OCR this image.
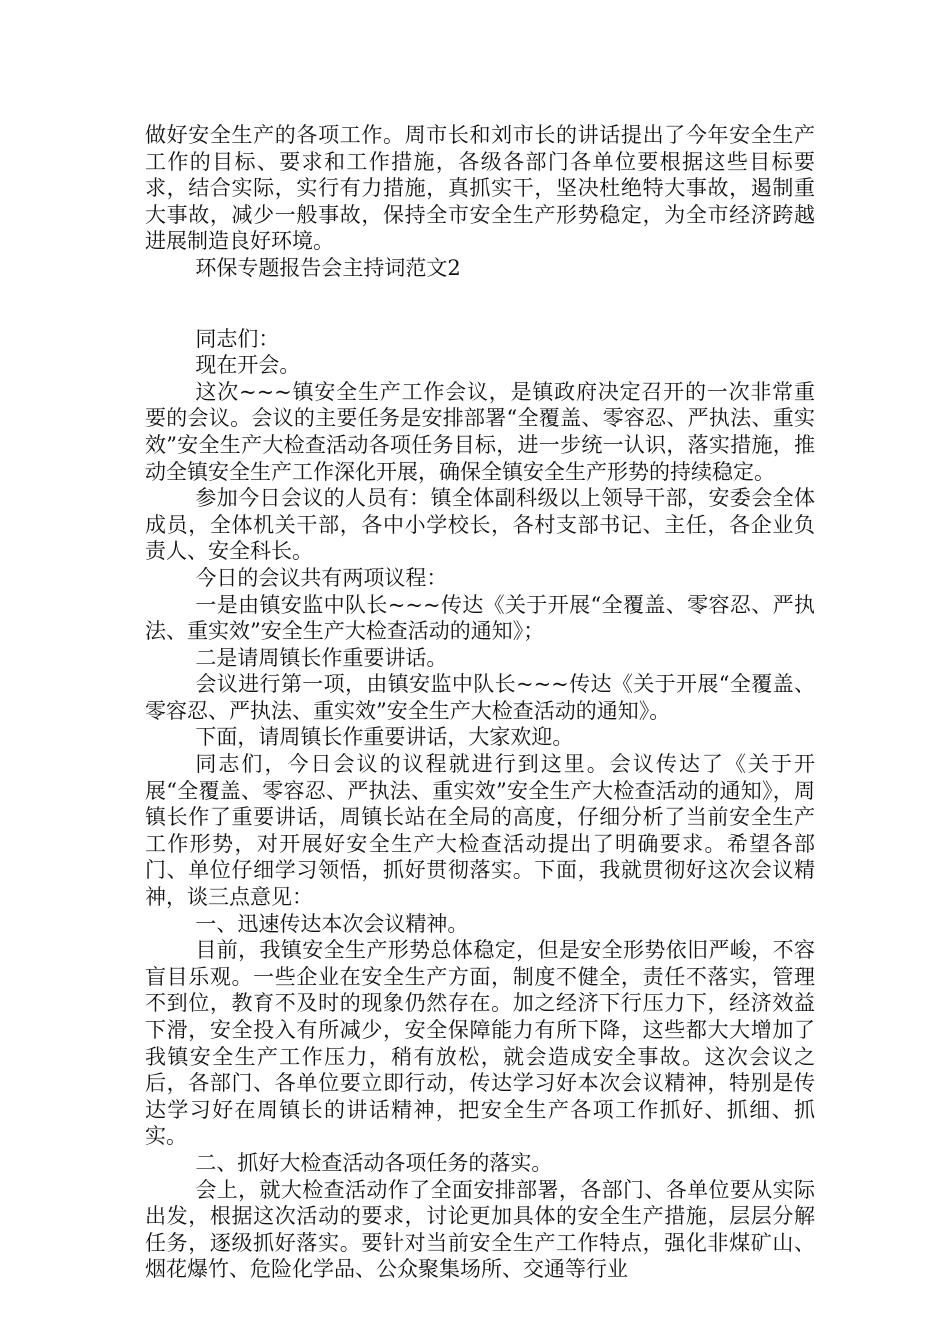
做好安全生产的各项工作。周市长和刘市长的讲话提出了今年安全生产工作的目标、要求和工作措施，各级各部门各单位要根据这些目标要求，结合实际，实行有力措施，真抓实干，坚决杜绝特大事故，遏制重大事故，减少一般事故，保持全市安全生产形势稳定，为全市经济跨越进展制造良好环境。

环保专题报告会主持词范文2

同志们：

现在开会。

这次~~~镇安全生产工作会议，是镇政府决定召开的一次非常重要的会议。会议的主要任务是安排部署“全覆盖、零容忍、严执法、重实效”安全生产大检查活动各项任务目标，进一步统一认识，落实措施，推动全镇安全生产工作深化开展，确保全镇安全生产形势的持续稳定。

参加今日会议的人员有：镇全体副科级以上领导干部，安委会全体成员，全体机关干部，各中小学校长，各村支部书记、主任，各企业负责人、安全科长。

今日的会议共有两项议程：

一是由镇安监中队长~~~传达《关于开展“全覆盖、零容忍、严执法、重实效”安全生产大检查活动的通知》；

二是请周镇长作重要讲话。

会议进行第一项，由镇安监中队长~~~传达《关于开展“全覆盖、零容忍、严执法、重实效”安全生产大检查活动的通知》。

下面，请周镇长作重要讲话，大家欢迎。

同志们，今日会议的议程就进行到这里。会议传达了《关于开展“全覆盖、零容忍、严执法、重实效”安全生产大检查活动的通知》，周镇长作了重要讲话，周镇长站在全局的高度，仔细分析了当前安全生产工作形势，对开展好安全生产大检查活动提出了明确要求。希望各部门、单位仔细学习领悟，抓好贯彻落实。下面，我就贯彻好这次会议精神，谈三点意见：

一、迅速传达本次会议精神。

目前，我镇安全生产形势总体稳定，但是安全形势依旧严峻，不容盲目乐观。一些企业在安全生产方面，制度不健全，责任不落实，管理不到位，教育不及时的现象仍然存在。加之经济下行压力下，经济效益下滑，安全投入有所减少，安全保障能力有所下降，这些都大大增加了我镇安全生产工作压力，稍有放松，就会造成安全事故。这次会议之后，各部门、各单位要立即行动，传达学习好本次会议精神，特别是传达学习好在周镇长的讲话精神，把安全生产各项工作抓好、抓细、抓实。

二、抓好大检查活动各项任务的落实。

会上，就大检查活动作了全面安排部署，各部门、各单位要从实际出发，根据这次活动的要求，讨论更加具体的安全生产措施，层层分解任务，逐级抓好落实。要针对当前安全生产工作特点，强化非煤矿山、烟花爆竹、危险化学品、公众聚集场所、交通等行业
